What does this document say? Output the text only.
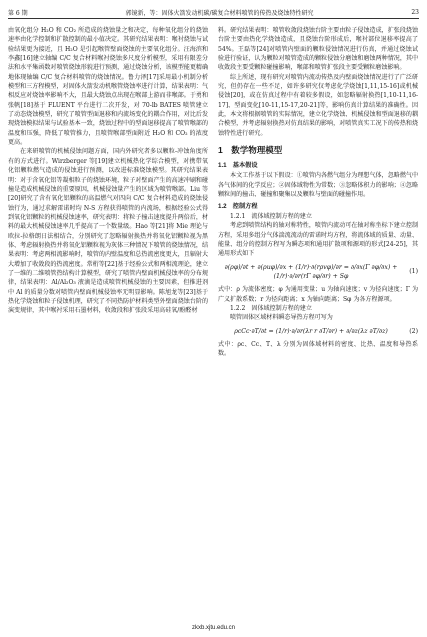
第 6 期	郭镜新，等：固体火箭发动机碳/碳复合材料喷管的传热及烧蚀特性研究	23

由氧化组分 H₂O 和 CO₂ 所造成的烧蚀量之和决定，每种氧化组分的烧蚀速率由化学控制和扩散控制的最小值决定。其研究结果表明：喉衬烧蚀与试验结果更为接近，且 H₂O 是引起喉管壁面烧蚀的主要氧化组分。汪海滨和李鑫[16]建立轴编 C/C 复合材料喉衬烧蚀多尺度分析模型，采用有限差分法和水平集函数对喷管烧蚀形貌进行预测，通过烧蚀分析，该模型能更精确地体现轴编 C/C 复合材料喷管的烧蚀情况。鲁力泽[17]采用最小机制分析模型和三方程模型，对固体火箭发动机喉管烧蚀率进行计算，结果表明：气相反应对烧蚀率影响不大，且最大烧蚀点出现在喉部上游而非喉部。于勇和张帆[18]基于 FLUENT 平台进行二次开发，对 70-lb BATES 喷管建立了动态烧蚀模型，研究了喷管型面退移和内流场变化的耦合作用，对比后发现烧蚀模拟结果与试验基本一致，烧蚀过程中的型面退移提高了喷管喉部的温度和压强，降低了喷管推力，且喷管喉部型面附近 H₂O 和 CO₂ 的浓度更高。

在来研喷管的机械侵蚀问题方面，国内外研究者多以颗粒-冲蚀角度所有的方式进行。Wirzberger 等[19]建立机械热化学综合模型，对携带氧化铝颗粒燃气造成的侵蚀进行预测，以改进标准烧蚀模型。其研究结果表明：对于含氧化铝等凝相粒子的烧蚀环境，粒子对壁面产生的高速冲刷和碰撞是造成机械侵蚀的重要原因，机械侵蚀量产生的区域为喷管喉部。Liu 等[20]研究了含有氧化铝颗粒的高温燃气对四向 C/C 复合材料造成的烧蚀侵蚀行为，通过求解雷诺时均 N-S 方程获得喷管的内流场，根据经验公式得到氧化铝颗粒的机械侵蚀速率，研究表明：将粒子撞击速度提升两倍后，材料的最大机械侵蚀速率几乎提高了一个数量级。Hao 等[21]将 Mie 理论与欧拉-拉格朗日法相结合，分别研究了忽略辐射换热并将氧化铝颗粒视为黑体、考虑辐射换热并将氧化铝颗粒视为灰体三种情况下喷管的烧蚀情况，结果表明：考虑两相流影响时，喷管的内壁温度和总热流密度更大，且辐射大大增加了收敛段的热流密度。常桁等[22]基于经验公式和两相流理论，建立了一维的二维喷管热结构计算模型，研究了喷管内壁面机械侵蚀率的分布规律，结果表明：Al/Al₂O₃ 液滴是造成喷管机械侵蚀的主要因素，但推进剂中 Al 的质量分数对喷管内壁面机械侵蚀率无明显影响。陈旭龙等[23]基于热化学烧蚀和粒子侵蚀机理，研究了不同热防护材料类型外壁面烧蚀台阶的演变规律，其中喉衬采用石墨材料，收敛段和扩张段采用高硅氧/酚醛材

料。研究结果表明：喷管收敛段烧蚀台阶主要由粒子侵蚀造成，扩张段烧蚀台阶主要由热化学烧蚀造成，且烧蚀台阶形成后，喉衬部位退移率提高了 54%。王磊等[24]对喷管内壁面的颗粒侵蚀情况进行仿真，并通过烧蚀试验进行验证，认为颗粒对喷管造成的颗粒侵蚀分磨蚀和磨蚀两种情况，其中收敛段主要受颗粒碰撞影响，喉部和喷管扩张段主要受颗粒磨蚀影响。

综上所述，现有研究对喷管内流动传热及内壁面烧蚀情况进行了广泛研究，但仍存在一些不足，如许多研究仅考虑化学烧蚀[1,11,15-16]或机械侵蚀[20]，或在仿真过程中有着较多假设，如忽略辐射换热[1,10-11,16-17]、型面变化[10-11,15-17,20-21]等，影响仿真计算结果的准确性。因此，本文将根据喷管的实际情况，建立化学烧蚀、机械侵蚀和型面退移的耦合模型，并考虑辐射换热对仿真结果的影响，对喷管真实工况下的传热和烧蚀特性进行研究。

1　数学物理模型
1.1　基本假设

本文工作基于以下假设：①喷管内各燃气组分为理想气体，忽略燃气中各气体间的化学反应；②固体域物性为常数；③忽略体积力的影响；④忽略颗粒间的撞击、碰撞和聚集以及颗粒与壁面的碰撞作用。

1.2　控制方程

1.2.1　流体域控制方程的建立

考虑到喷管结构的轴对称特性，喷管内流动可在轴对称坐标下建立控制方程，采用多组分气体湍流流动的雷诺时均方程，将流体域的质量、动量、能量、组分的控制方程写为瞬态项和通用扩散项和源项的形式[24-25]，其通用形式如下

∂(ρφ)/∂t + ∂(ρuφ)/∂x + (1/r)·∂(rρvφ)/∂r = ∂/∂x(Γ ∂φ/∂x) + (1/r)·∂/∂r(rΓ ∂φ/∂r) + Sφ
(1)

式中：ρ 为流体密度；φ 为通用变量；u 为轴向速度；v 为径向速度；Γ 为广义扩散系数；r 为径向距离；x 为轴向距离；Sφ 为各方程源项。

1.2.2　固体域控制方程的建立

喷管固体区域材料瞬态导热方程可写为

ρcCc·∂T/∂t = (1/r)·∂/∂r(λr r ∂T/∂r) + ∂/∂z(λz ∂T/∂z)	(2)

式中：ρc、Cc、T、λ 分别为固体域材料的密度、比热、温度和导热系数。

zkxb.xjtu.edu.cn
